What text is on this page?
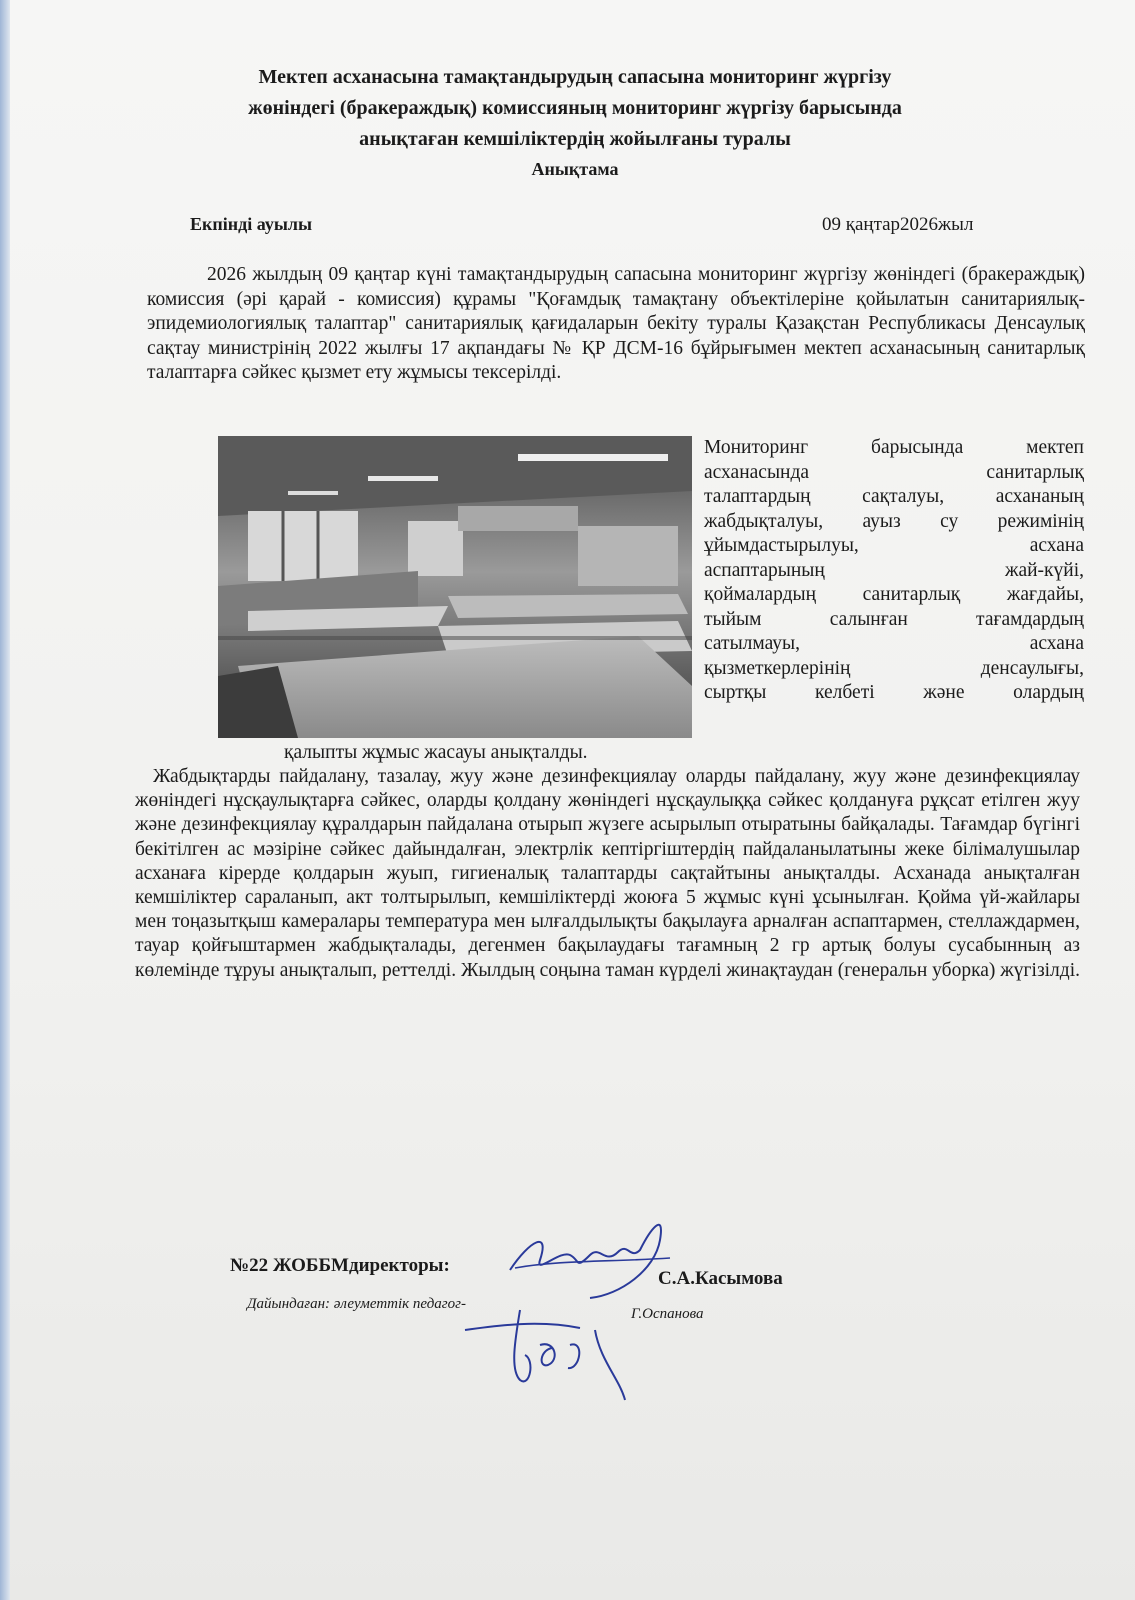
Мектеп асханасына тамақтандырудың сапасына мониторинг жүргізу
жөніндегі (бракераждық) комиссияның мониторинг жүргізу барысында
анықтаған кемшіліктердің жойылғаны туралы
Анықтама
Екпінді ауылы	09 қаңтар2026жыл
2026 жылдың 09 қаңтар күні тамақтандырудың сапасына мониторинг жүргізу жөніндегі (бракераждық) комиссия (әрі қарай - комиссия) құрамы "Қоғамдық тамақтану объектілеріне қойылатын санитариялық-эпидемиологиялық талаптар" санитариялық қағидаларын бекіту туралы Қазақстан Республикасы Денсаулық сақтау министрінің 2022 жылғы 17 ақпандағы № ҚР ДСМ-16 бұйрығымен мектеп асханасының санитарлық талаптарға сәйкес қызмет ету жұмысы тексерілді.
Мониторинг барысында мектеп
асханасында санитарлық
талаптардың сақталуы, асхананың
жабдықталуы, ауыз су режимінің
ұйымдастырылуы, асхана
аспаптарының жай-күйі,
қоймалардың санитарлық жағдайы,
тыйым салынған тағамдардың
сатылмауы, асхана
қызметкерлерінің денсаулығы,
сыртқы келбеті және олардың
қалыпты жұмыс жасауы анықталды.
Жабдықтарды пайдалану, тазалау, жуу және дезинфекциялау оларды пайдалану, жуу және дезинфекциялау жөніндегі нұсқаулықтарға сәйкес, оларды қолдану жөніндегі нұсқаулыққа сәйкес қолдануға рұқсат етілген жуу және дезинфекциялау құралдарын пайдалана отырып жүзеге асырылып отыратыны байқалады. Тағамдар бүгінгі бекітілген ас мәзіріне сәйкес дайындалған, электрлік кептіргіштердің пайдаланылатыны жеке білімалушылар асханаға кірерде қолдарын жуып, гигиеналық талаптарды сақтайтыны анықталды. Асханада анықталған кемшіліктер сараланып, акт толтырылып, кемшіліктерді жоюға 5 жұмыс күні ұсынылған. Қойма үй-жайлары мен тоңазытқыш камералары температура мен ылғалдылықты бақылауға арналған аспаптармен, стеллаждармен, тауар қойғыштармен жабдықталады, дегенмен бақылаудағы тағамның 2 гр артық болуы сусабынның аз көлемінде тұруы анықталып, реттелді. Жылдың соңына таман күрделі жинақтаудан (генеральн уборка) жүгізілді.
№22 ЖОББМдиректоры:
С.А.Касымова
Дайындаған: әлеуметтік педагог-
Г.Оспанова
